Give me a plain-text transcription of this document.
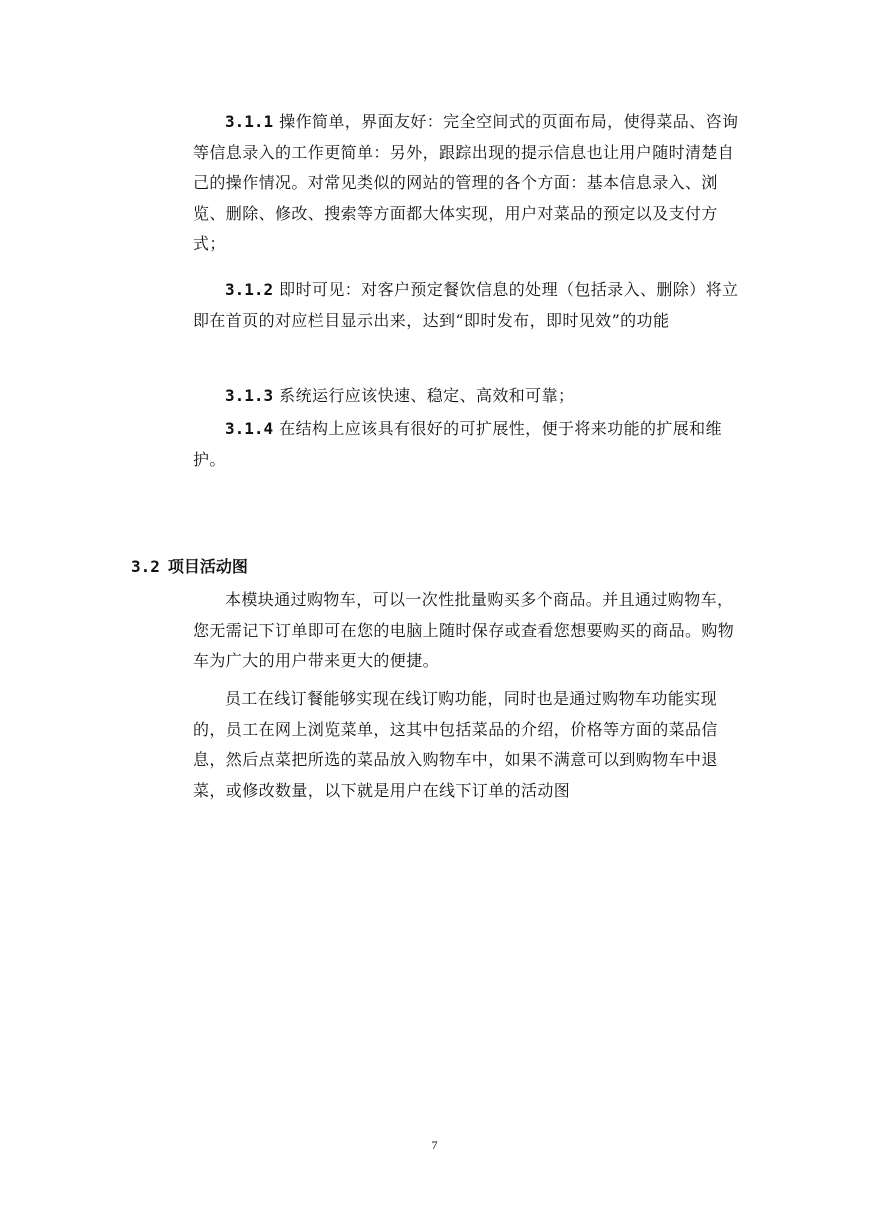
3.1.1 操作简单，界面友好：完全空间式的页面布局，使得菜品、咨询等信息录入的工作更简单：另外，跟踪出现的提示信息也让用户随时清楚自己的操作情况。对常见类似的网站的管理的各个方面：基本信息录入、浏览、删除、修改、搜索等方面都大体实现，用户对菜品的预定以及支付方式；

3.1.2 即时可见：对客户预定餐饮信息的处理（包括录入、删除）将立即在首页的对应栏目显示出来，达到“即时发布，即时见效”的功能

3.1.3 系统运行应该快速、稳定、高效和可靠；

3.1.4 在结构上应该具有很好的可扩展性，便于将来功能的扩展和维护。

3.2 项目活动图

本模块通过购物车，可以一次性批量购买多个商品。并且通过购物车，您无需记下订单即可在您的电脑上随时保存或查看您想要购买的商品。购物车为广大的用户带来更大的便捷。

员工在线订餐能够实现在线订购功能，同时也是通过购物车功能实现的，员工在网上浏览菜单，这其中包括菜品的介绍，价格等方面的菜品信息，然后点菜把所选的菜品放入购物车中，如果不满意可以到购物车中退菜，或修改数量，以下就是用户在线下订单的活动图

7
